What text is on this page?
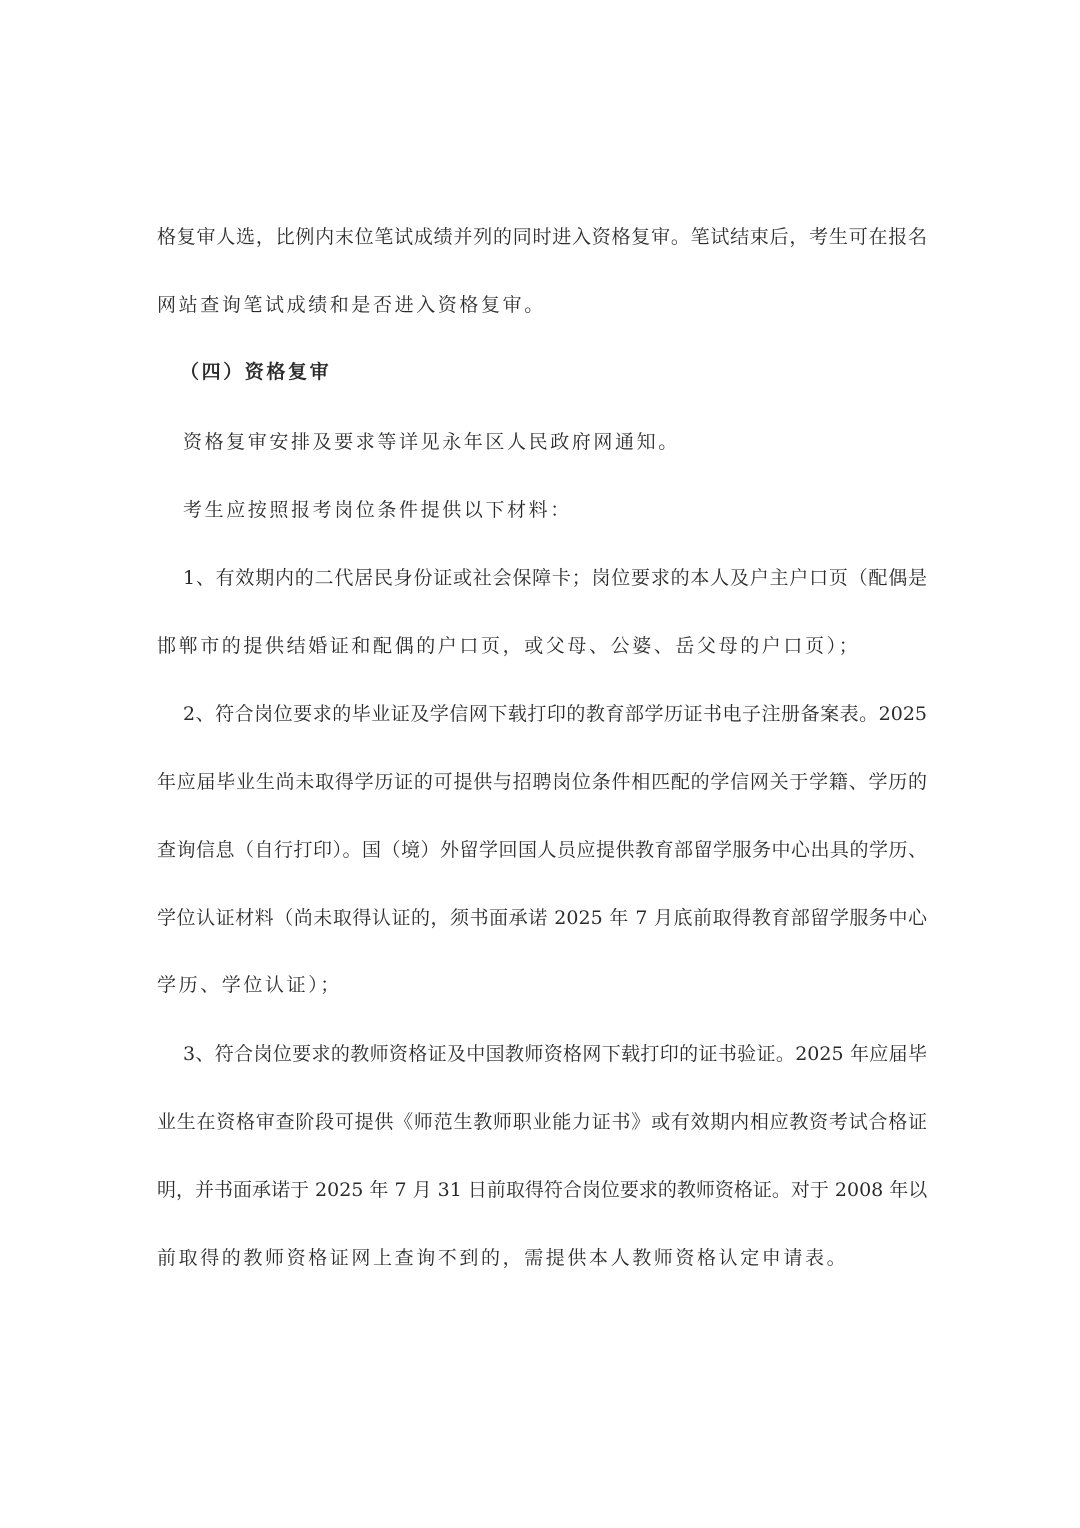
格复审人选，比例内末位笔试成绩并列的同时进入资格复审。笔试结束后，考生可在报名

网站查询笔试成绩和是否进入资格复审。

（四）资格复审

资格复审安排及要求等详见永年区人民政府网通知。

考生应按照报考岗位条件提供以下材料：

1、有效期内的二代居民身份证或社会保障卡；岗位要求的本人及户主户口页（配偶是

邯郸市的提供结婚证和配偶的户口页，或父母、公婆、岳父母的户口页）；

2、符合岗位要求的毕业证及学信网下载打印的教育部学历证书电子注册备案表。2025

年应届毕业生尚未取得学历证的可提供与招聘岗位条件相匹配的学信网关于学籍、学历的

查询信息（自行打印）。国（境）外留学回国人员应提供教育部留学服务中心出具的学历、

学位认证材料（尚未取得认证的，须书面承诺 2025 年 7 月底前取得教育部留学服务中心

学历、学位认证）；

3、符合岗位要求的教师资格证及中国教师资格网下载打印的证书验证。2025 年应届毕

业生在资格审查阶段可提供《师范生教师职业能力证书》或有效期内相应教资考试合格证

明，并书面承诺于 2025 年 7 月 31 日前取得符合岗位要求的教师资格证。对于 2008 年以

前取得的教师资格证网上查询不到的，需提供本人教师资格认定申请表。
